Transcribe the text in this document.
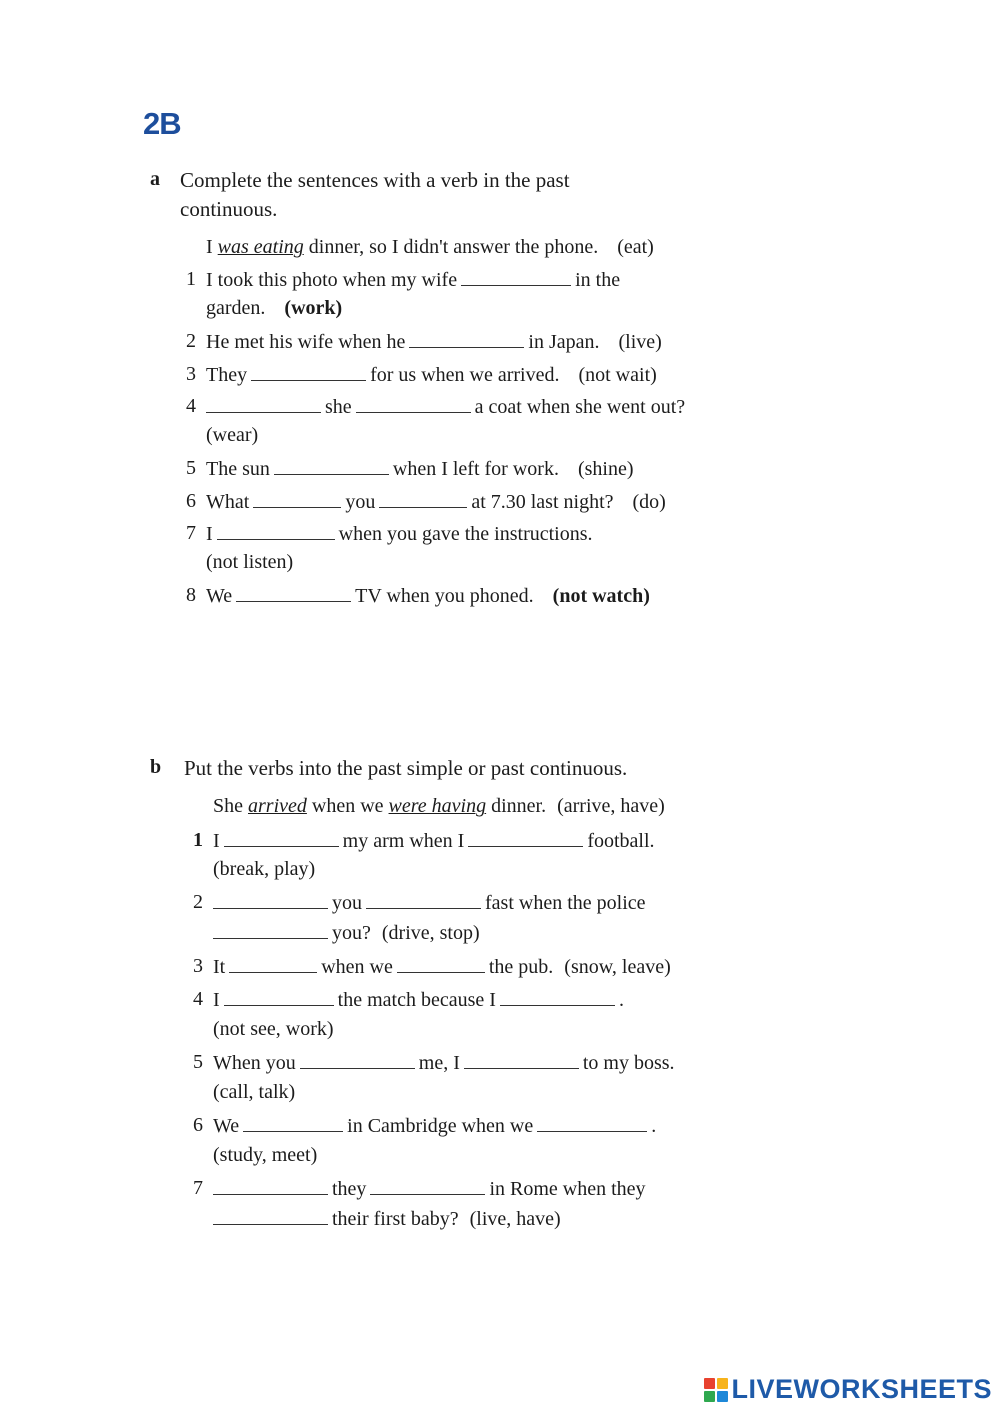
2B
a Complete the sentences with a verb in the past
continuous.
I was eating dinner, so I didn't answer the phone. (eat)
1 I took this photo when my wife	in the
garden. (work)
2 He met his wife when he	in Japan. (live)
3 They	for us when we arrived. (not wait)
4	she	a coat when she went out?
(wear)
5 The sun	when I left for work. (shine)
6 What	you	at 7.30 last night? (do)
7 I	when you gave the instructions.
(not listen)
8 We	TV when you phoned. (not watch)
b Put the verbs into the past simple or past continuous.
She arrived when we were having dinner. (arrive, have)
1 I	my arm when I	football.
(break, play)
2	you	fast when the police
you? (drive, stop)
3 It	when we	the pub. (snow, leave)
4 I	the match because I	.
(not see, work)
5 When you	me, I	to my boss.
(call, talk)
6 We	in Cambridge when we	.
(study, meet)
7	they	in Rome when they
their first baby? (live, have)
LIVEWORKSHEETS
